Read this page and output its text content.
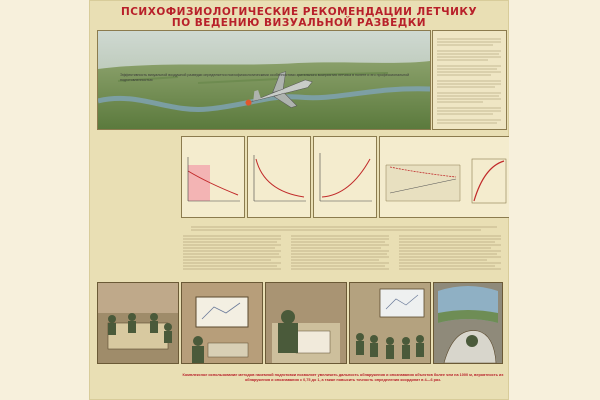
ПСИХОФИЗИОЛОГИЧЕСКИЕ РЕКОМЕНДАЦИИ ЛЕТЧИКУ
ПО ВЕДЕНИЮ ВИЗУАЛЬНОЙ РАЗВЕДКИ
Эффективность визуальной воздушной разведки определяется психофизиологическими особенностями зрительного восприятия летчика в полете и его профессиональной подготовленностью
Комплексное использование методов наземной подготовки позволяет увеличить дальность обнаружения и опознавания объектов более чем на 1000 м, вероятность их обнаружения и опознавания с 0,75 до 1, а также повысить точность определения координат в 4—6 раз.
